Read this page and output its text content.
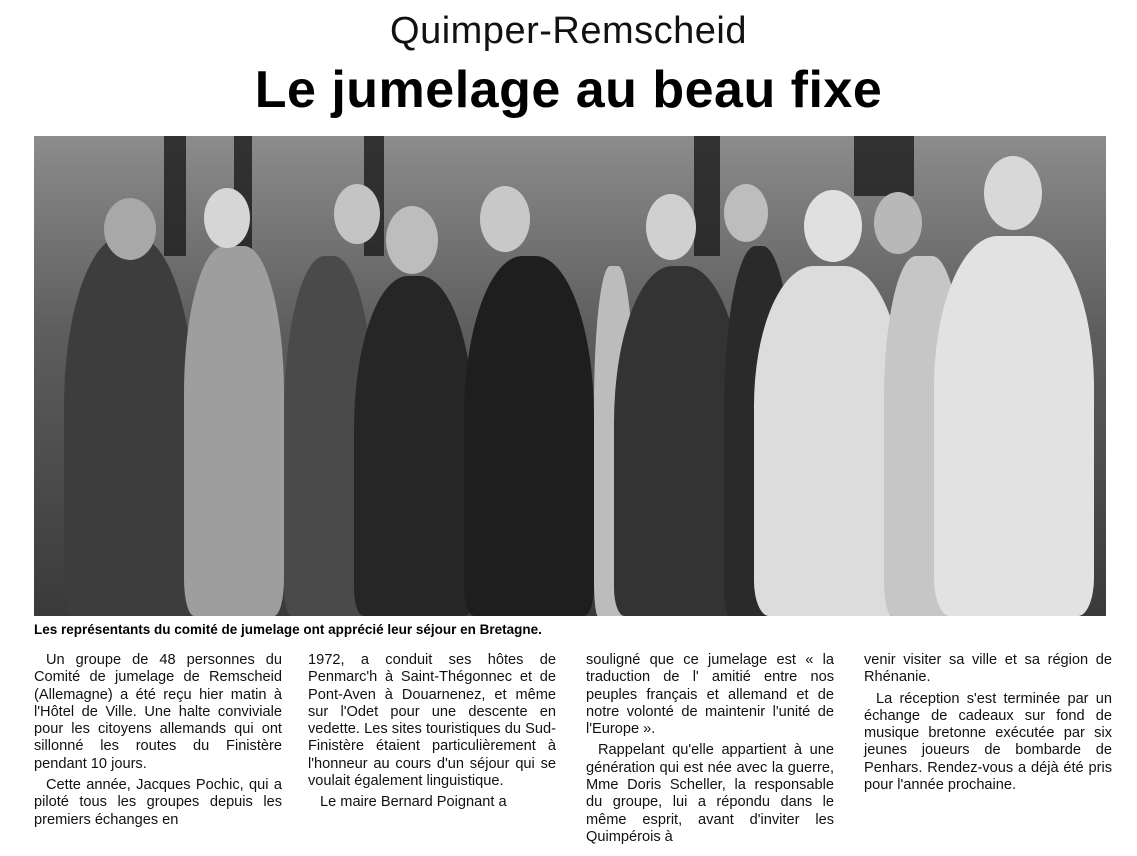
Quimper-Remscheid
Le jumelage au beau fixe
Les représentants du comité de jumelage ont apprécié leur séjour en Bretagne.

Un groupe de 48 personnes du Comité de jumelage de Remscheid (Allemagne) a été reçu hier matin à l'Hôtel de Ville. Une halte conviviale pour les citoyens allemands qui ont sillonné les routes du Finistère pendant 10 jours.

Cette année, Jacques Pochic, qui a piloté tous les groupes depuis les premiers échanges en

1972, a conduit ses hôtes de Penmarc'h à Saint-Thégonnec et de Pont-Aven à Douarnenez, et même sur l'Odet pour une descente en vedette. Les sites touristiques du Sud-Finistère étaient particulièrement à l'honneur au cours d'un séjour qui se voulait également linguistique.

Le maire Bernard Poignant a

souligné que ce jumelage est « la traduction de l' amitié entre nos peuples français et allemand et de notre volonté de maintenir l'unité de l'Europe ».

Rappelant qu'elle appartient à une génération qui est née avec la guerre, Mme Doris Scheller, la responsable du groupe, lui a répondu dans le même esprit, avant d'inviter les Quimpérois à

venir visiter sa ville et sa région de Rhénanie.

La réception s'est terminée par un échange de cadeaux sur fond de musique bretonne exécutée par six jeunes joueurs de bombarde de Penhars. Rendez-vous a déjà été pris pour l'année prochaine.
